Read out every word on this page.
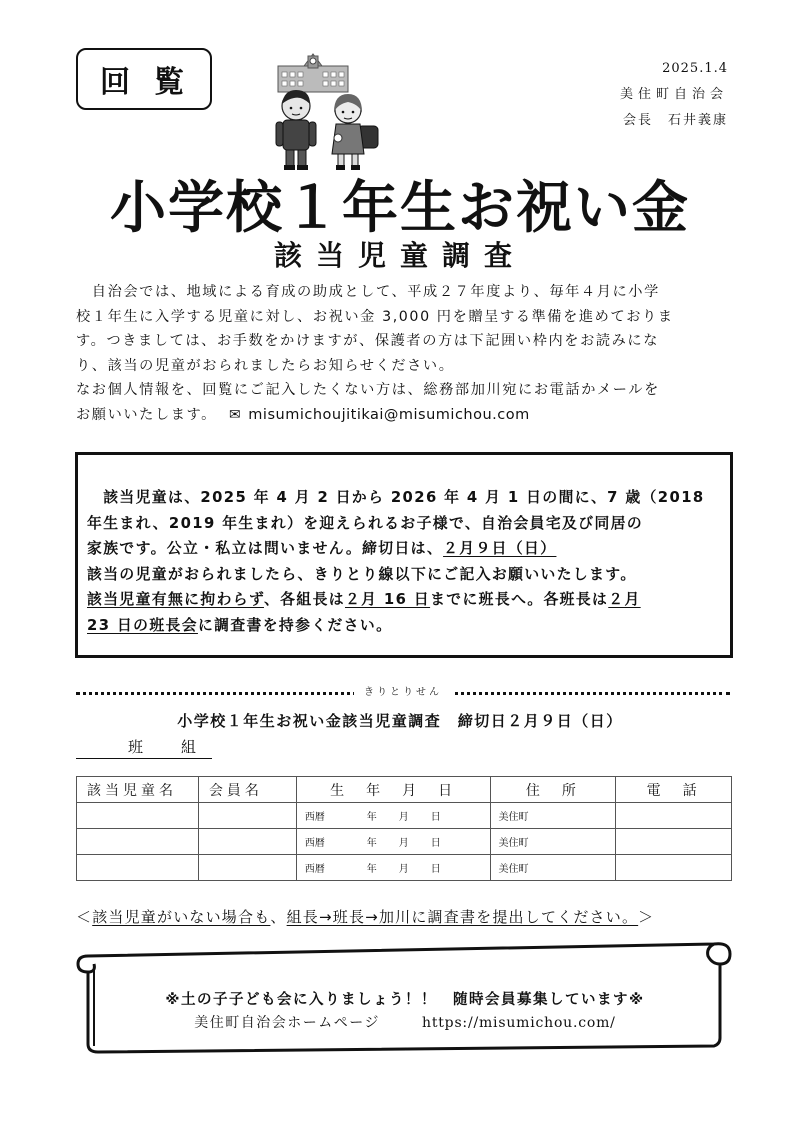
回覧	2025.1.4
美住町自治会
会長　石井義康
小学校１年生お祝い金
該当児童調査

　自治会では、地域による育成の助成として、平成２７年度より、毎年４月に小学

校１年生に入学する児童に対し、お祝い金 3,000 円を贈呈する準備を進めておりま

す。つきましては、お手数をかけますが、保護者の方は下記囲い枠内をお読みにな

り、該当の児童がおられましたらお知らせください。

なお個人情報を、回覧にご記入したくない方は、総務部加川宛にお電話かメールを

お願いいたします。 ✉ misumichoujitikai@misumichou.com

　該当児童は、2025 年 4 月 2 日から 2026 年 4 月 1 日の間に、7 歳（2018

年生まれ、2019 年生まれ）を迎えられるお子様で、自治会員宅及び同居の

家族です。公立・私立は問いません。締切日は、２月９日（日）

該当の児童がおられましたら、きりとり線以下にご記入お願いいたします。

該当児童有無に拘わらず、各組長は２月 16 日までに班長へ。各班長は２月

23 日の班長会に調査書を持参ください。

きりとりせん
小学校１年生お祝い金該当児童調査　締切日２月９日（日）
班 組
該当児童名	会員名	生　年　月　日	住　所	電　話
		西暦 年 月 日	美住町	
		西暦 年 月 日	美住町	
		西暦 年 月 日	美住町	
＜該当児童がいない場合も、組長→班長→加川に調査書を提出してください。＞
※土の子子ども会に入りましょう！！　随時会員募集しています※
美住町自治会ホームページ	https://misumichou.com/
